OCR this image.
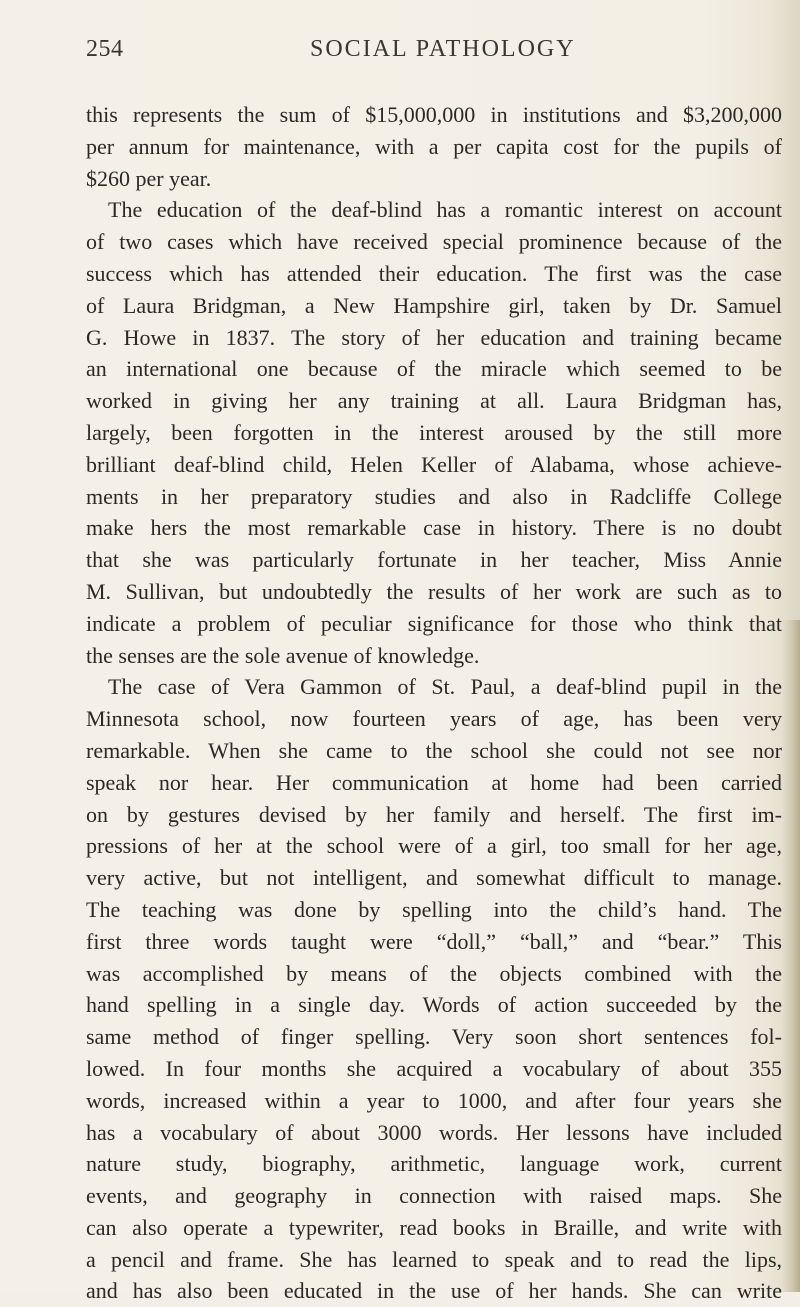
254	SOCIAL PATHOLOGY
this represents the sum of $15,000,000 in institutions and $3,200,000
per annum for maintenance, with a per capita cost for the pupils of
$260 per year.
The education of the deaf-blind has a romantic interest on account
of two cases which have received special prominence because of the
success which has attended their education. The first was the case
of Laura Bridgman, a New Hampshire girl, taken by Dr. Samuel
G. Howe in 1837. The story of her education and training became
an international one because of the miracle which seemed to be
worked in giving her any training at all. Laura Bridgman has,
largely, been forgotten in the interest aroused by the still more
brilliant deaf-blind child, Helen Keller of Alabama, whose achieve-
ments in her preparatory studies and also in Radcliffe College
make hers the most remarkable case in history. There is no doubt
that she was particularly fortunate in her teacher, Miss Annie
M. Sullivan, but undoubtedly the results of her work are such as to
indicate a problem of peculiar significance for those who think that
the senses are the sole avenue of knowledge.
The case of Vera Gammon of St. Paul, a deaf-blind pupil in the
Minnesota school, now fourteen years of age, has been very
remarkable. When she came to the school she could not see nor
speak nor hear. Her communication at home had been carried
on by gestures devised by her family and herself. The first im-
pressions of her at the school were of a girl, too small for her age,
very active, but not intelligent, and somewhat difficult to manage.
The teaching was done by spelling into the child’s hand. The
first three words taught were “doll,” “ball,” and “bear.” This
was accomplished by means of the objects combined with the
hand spelling in a single day. Words of action succeeded by the
same method of finger spelling. Very soon short sentences fol-
lowed. In four months she acquired a vocabulary of about 355
words, increased within a year to 1000, and after four years she
has a vocabulary of about 3000 words. Her lessons have included
nature study, biography, arithmetic, language work, current
events, and geography in connection with raised maps. She
can also operate a typewriter, read books in Braille, and write with
a pencil and frame. She has learned to speak and to read the lips,
and has also been educated in the use of her hands. She can write
